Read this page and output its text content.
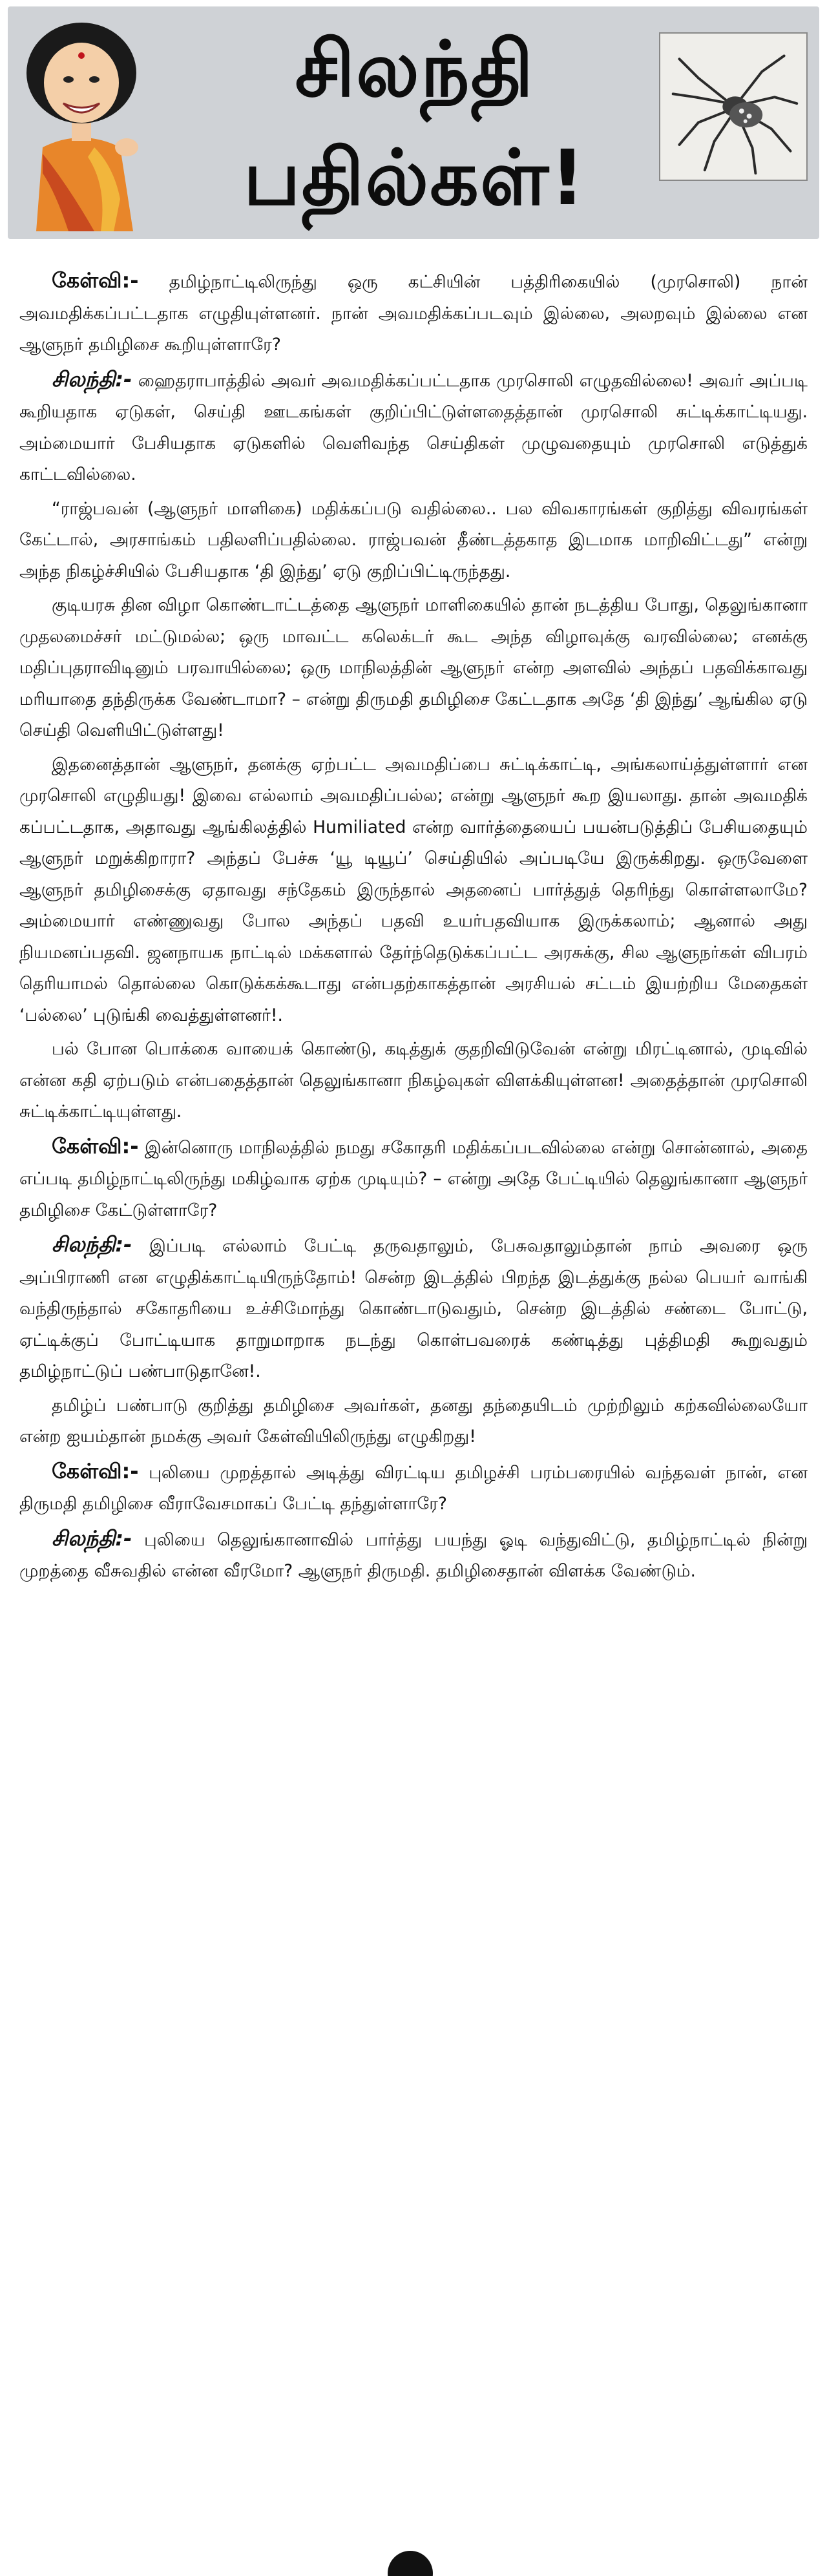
சிலந்தி
பதில்கள்!

கேள்வி:- தமிழ்நாட்டிலிருந்து ஒரு கட்சியின் பத்திரிகையில் (முரசொலி) நான் அவமதிக்கப்பட்டதாக எழுதியுள்ளனர். நான் அவமதிக்கப்படவும் இல்லை, அலறவும் இல்லை என ஆளுநர் தமிழிசை கூறியுள்ளாரே?

சிலந்தி:- ஹைதராபாத்தில் அவர் அவமதிக்கப்பட்டதாக முரசொலி எழுதவில்லை! அவர் அப்படி கூறியதாக ஏடுகள், செய்தி ஊடகங்கள் குறிப்பிட்டுள்ளதைத்தான் முரசொலி சுட்டிக்காட்டியது. அம்மையார் பேசியதாக ஏடுகளில் வெளிவந்த செய்திகள் முழுவதையும் முரசொலி எடுத்துக் காட்டவில்லை.

“ராஜ்பவன் (ஆளுநர் மாளிகை) மதிக்கப்படு வதில்லை.. பல விவகாரங்கள் குறித்து விவரங்கள் கேட்டால், அரசாங்கம் பதிலளிப்பதில்லை. ராஜ்பவன் தீண்டத்தகாத இடமாக மாறிவிட்டது” என்று அந்த நிகழ்ச்சியில் பேசியதாக ‘தி இந்து’ ஏடு குறிப்பிட்டிருந்தது.

குடியரசு தின விழா கொண்டாட்டத்தை ஆளுநர் மாளிகையில் தான் நடத்திய போது, தெலுங்கானா முதலமைச்சர் மட்டுமல்ல; ஒரு மாவட்ட கலெக்டர் கூட அந்த விழாவுக்கு வரவில்லை; எனக்கு மதிப்புதராவிடினும் பரவாயில்லை; ஒரு மாநிலத்தின் ஆளுநர் என்ற அளவில் அந்தப் பதவிக்காவது மரியாதை தந்திருக்க வேண்டாமா? – என்று திருமதி தமிழிசை கேட்டதாக அதே ‘தி இந்து’ ஆங்கில ஏடு செய்தி வெளியிட்டுள்ளது!

இதனைத்தான் ஆளுநர், தனக்கு ஏற்பட்ட அவமதிப்பை சுட்டிக்காட்டி, அங்கலாய்த்துள்ளார் என முரசொலி எழுதியது! இவை எல்லாம் அவமதிப்பல்ல; என்று ஆளுநர் கூற இயலாது. தான் அவமதிக் கப்பட்டதாக, அதாவது ஆங்கிலத்தில் Humiliated என்ற வார்த்தையைப் பயன்படுத்திப் பேசியதையும் ஆளுநர் மறுக்கிறாரா? அந்தப் பேச்சு ‘யூ டியூப்’ செய்தியில் அப்படியே இருக்கிறது. ஒருவேளை ஆளுநர் தமிழிசைக்கு ஏதாவது சந்தேகம் இருந்தால் அதனைப் பார்த்துத் தெரிந்து கொள்ளலாமே? அம்மையார் எண்ணுவது போல அந்தப் பதவி உயர்பதவியாக இருக்கலாம்; ஆனால் அது நியமனப்பதவி. ஜனநாயக நாட்டில் மக்களால் தேர்ந்தெடுக்கப்பட்ட அரசுக்கு, சில ஆளுநர்கள் விபரம் தெரியாமல் தொல்லை கொடுக்கக்கூடாது என்பதற்காகத்தான் அரசியல் சட்டம் இயற்றிய மேதைகள் ‘பல்லை’ புடுங்கி வைத்துள்ளனர்!.

பல் போன பொக்கை வாயைக் கொண்டு, கடித்துக் குதறிவிடுவேன் என்று மிரட்டினால், முடிவில் என்ன கதி ஏற்படும் என்பதைத்தான் தெலுங்கானா நிகழ்வுகள் விளக்கியுள்ளன! அதைத்தான் முரசொலி சுட்டிக்காட்டியுள்ளது.

கேள்வி:- இன்னொரு மாநிலத்தில் நமது சகோதரி மதிக்கப்படவில்லை என்று சொன்னால், அதை எப்படி தமிழ்நாட்டிலிருந்து மகிழ்வாக ஏற்க முடியும்? – என்று அதே பேட்டியில் தெலுங்கானா ஆளுநர் தமிழிசை கேட்டுள்ளாரே?

சிலந்தி:- இப்படி எல்லாம் பேட்டி தருவதாலும், பேசுவதாலும்தான் நாம் அவரை ஒரு அப்பிராணி என எழுதிக்காட்டியிருந்தோம்! சென்ற இடத்தில் பிறந்த இடத்துக்கு நல்ல பெயர் வாங்கி வந்திருந்தால் சகோதரியை உச்சிமோந்து கொண்டாடுவதும், சென்ற இடத்தில் சண்டை போட்டு, ஏட்டிக்குப் போட்டியாக தாறுமாறாக நடந்து கொள்பவரைக் கண்டித்து புத்திமதி கூறுவதும் தமிழ்நாட்டுப் பண்பாடுதானே!.

தமிழ்ப் பண்பாடு குறித்து தமிழிசை அவர்கள், தனது தந்தையிடம் முற்றிலும் கற்கவில்லையோ என்ற ஐயம்தான் நமக்கு அவர் கேள்வியிலிருந்து எழுகிறது!

கேள்வி:- புலியை முறத்தால் அடித்து விரட்டிய தமிழச்சி பரம்பரையில் வந்தவள் நான், என திருமதி தமிழிசை வீராவேசமாகப் பேட்டி தந்துள்ளாரே?

சிலந்தி:- புலியை தெலுங்கானாவில் பார்த்து பயந்து ஓடி வந்துவிட்டு, தமிழ்நாட்டில் நின்று முறத்தை வீசுவதில் என்ன வீரமோ? ஆளுநர் திருமதி. தமிழிசைதான் விளக்க வேண்டும்.
